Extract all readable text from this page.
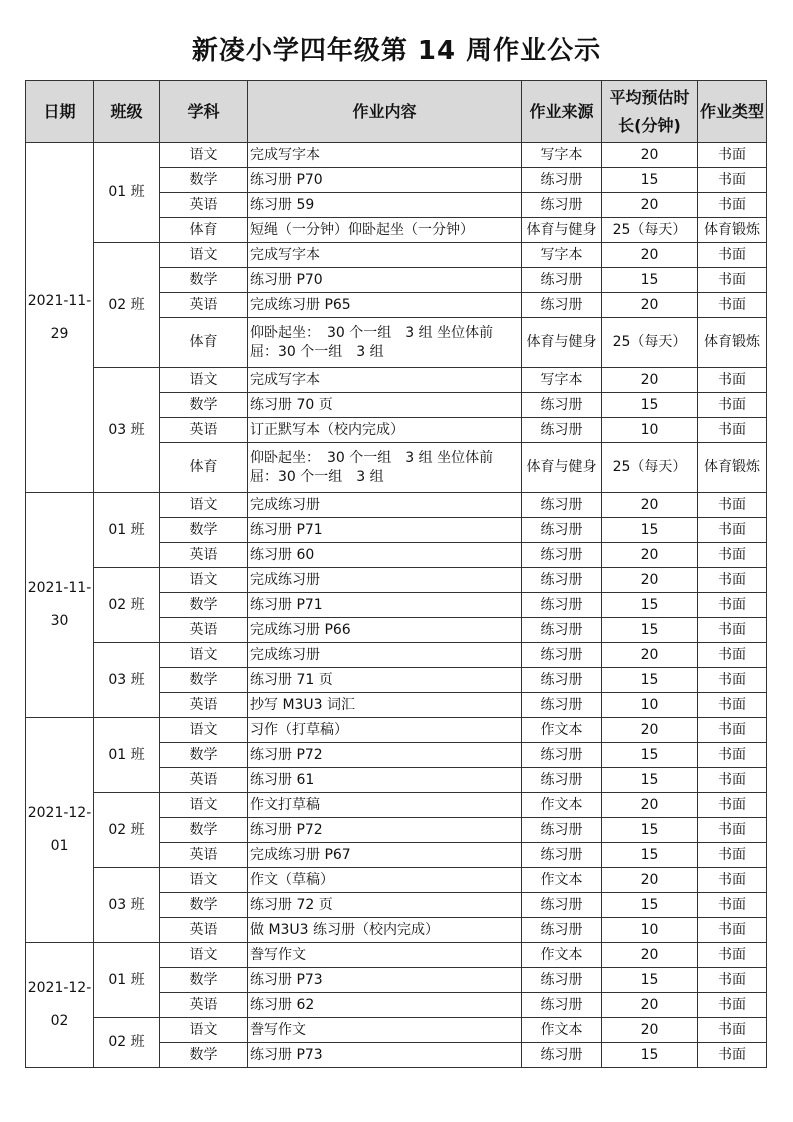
新凌小学四年级第 14 周作业公示
日期	班级	学科	作业内容	作业来源	平均预估时长(分钟)	作业类型
2021-11-29	01 班	语文	完成写字本	写字本	20	书面
		数学	练习册 P70	练习册	15	书面
		英语	练习册 59	练习册	20	书面
		体育	短绳（一分钟）仰卧起坐（一分钟）	体育与健身	25（每天）	体育锻炼
	02 班	语文	完成写字本	写字本	20	书面
		数学	练习册 P70	练习册	15	书面
		英语	完成练习册 P65	练习册	20	书面
		体育	仰卧起坐：　30 个一组　3 组 坐位体前屈：30 个一组　3 组	体育与健身	25（每天）	体育锻炼
	03 班	语文	完成写字本	写字本	20	书面
		数学	练习册 70 页	练习册	15	书面
		英语	订正默写本（校内完成）	练习册	10	书面
		体育	仰卧起坐：　30 个一组　3 组 坐位体前屈：30 个一组　3 组	体育与健身	25（每天）	体育锻炼
2021-11-30	01 班	语文	完成练习册	练习册	20	书面
		数学	练习册 P71	练习册	15	书面
		英语	练习册 60	练习册	20	书面
	02 班	语文	完成练习册	练习册	20	书面
		数学	练习册 P71	练习册	15	书面
		英语	完成练习册 P66	练习册	15	书面
	03 班	语文	完成练习册	练习册	20	书面
		数学	练习册 71 页	练习册	15	书面
		英语	抄写 M3U3 词汇	练习册	10	书面
2021-12-01	01 班	语文	习作（打草稿）	作文本	20	书面
		数学	练习册 P72	练习册	15	书面
		英语	练习册 61	练习册	15	书面
	02 班	语文	作文打草稿	作文本	20	书面
		数学	练习册 P72	练习册	15	书面
		英语	完成练习册 P67	练习册	15	书面
	03 班	语文	作文（草稿）	作文本	20	书面
		数学	练习册 72 页	练习册	15	书面
		英语	做 M3U3 练习册（校内完成）	练习册	10	书面
2021-12-02	01 班	语文	誊写作文	作文本	20	书面
		数学	练习册 P73	练习册	15	书面
		英语	练习册 62	练习册	20	书面
	02 班	语文	誊写作文	作文本	20	书面
		数学	练习册 P73	练习册	15	书面
